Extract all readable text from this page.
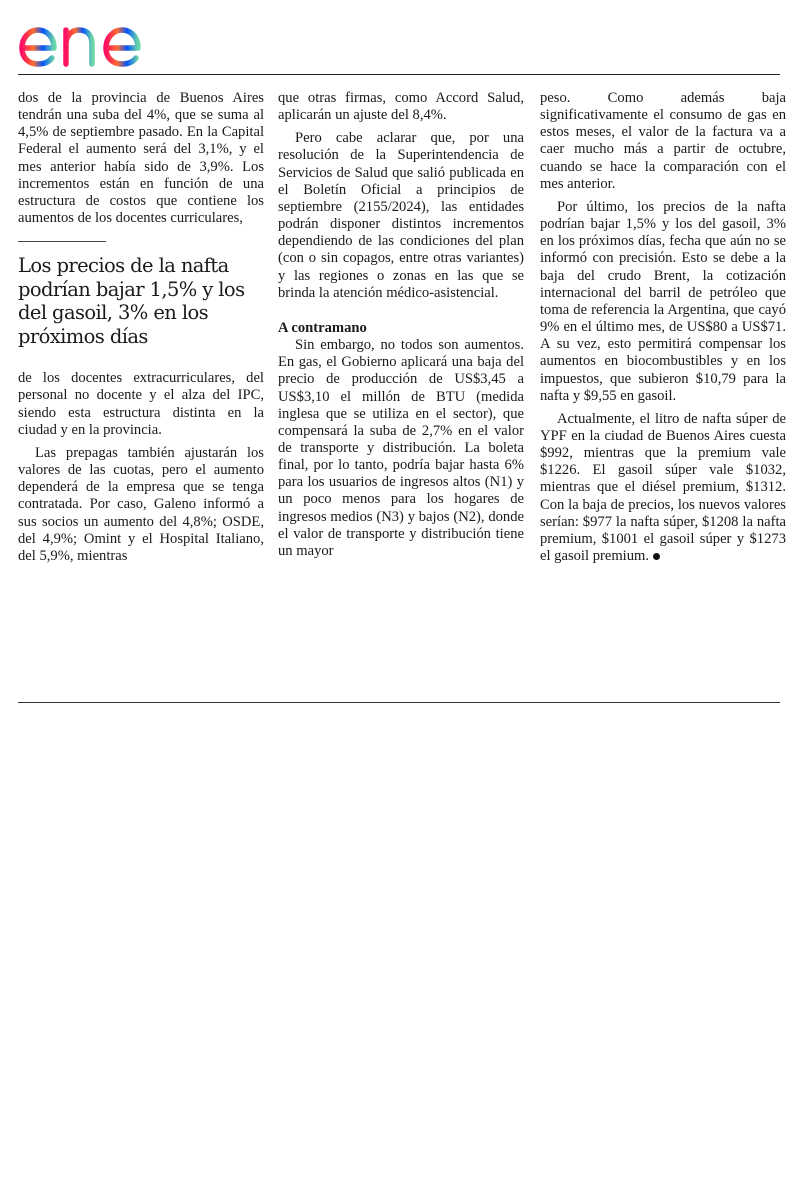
dos de la provincia de Buenos Aires tendrán una suba del 4%, que se suma al 4,5% de septiembre pasado. En la Capital Federal el aumento será del 3,1%, y el mes anterior había sido de 3,9%. Los incrementos están en función de una estructura de costos que contiene los aumentos de los docentes curriculares,

Los precios de la nafta podrían bajar 1,5% y los del gasoil, 3% en los próximos días

de los docentes extracurriculares, del personal no docente y el alza del IPC, siendo esta estructura distinta en la ciudad y en la provincia.

Las prepagas también ajustarán los valores de las cuotas, pero el aumento dependerá de la empresa que se tenga contratada. Por caso, Galeno informó a sus socios un aumento del 4,8%; OSDE, del 4,9%; Omint y el Hospital Italiano, del 5,9%, mientras

que otras firmas, como Accord Salud, aplicarán un ajuste del 8,4%.

Pero cabe aclarar que, por una resolución de la Superintendencia de Servicios de Salud que salió publicada en el Boletín Oficial a principios de septiembre (2155/2024), las entidades podrán disponer distintos incrementos dependiendo de las condiciones del plan (con o sin copagos, entre otras variantes) y las regiones o zonas en las que se brinda la atención médico-asistencial.

A contramano

Sin embargo, no todos son aumentos. En gas, el Gobierno aplicará una baja del precio de producción de US$3,45 a US$3,10 el millón de BTU (medida inglesa que se utiliza en el sector), que compensará la suba de 2,7% en el valor de transporte y distribución. La boleta final, por lo tanto, podría bajar hasta 6% para los usuarios de ingresos altos (N1) y un poco menos para los hogares de ingresos medios (N3) y bajos (N2), donde el valor de transporte y distribución tiene un mayor

peso. Como además baja significativamente el consumo de gas en estos meses, el valor de la factura va a caer mucho más a partir de octubre, cuando se hace la comparación con el mes anterior.

Por último, los precios de la nafta podrían bajar 1,5% y los del gasoil, 3% en los próximos días, fecha que aún no se informó con precisión. Esto se debe a la baja del crudo Brent, la cotización internacional del barril de petróleo que toma de referencia la Argentina, que cayó 9% en el último mes, de US$80 a US$71. A su vez, esto permitirá compensar los aumentos en biocombustibles y en los impuestos, que subieron $10,79 para la nafta y $9,55 en gasoil.

Actualmente, el litro de nafta súper de YPF en la ciudad de Buenos Aires cuesta $992, mientras que la premium vale $1226. El gasoil súper vale $1032, mientras que el diésel premium, $1312. Con la baja de precios, los nuevos valores serían: $977 la nafta súper, $1208 la nafta premium, $1001 el gasoil súper y $1273 el gasoil premium.
